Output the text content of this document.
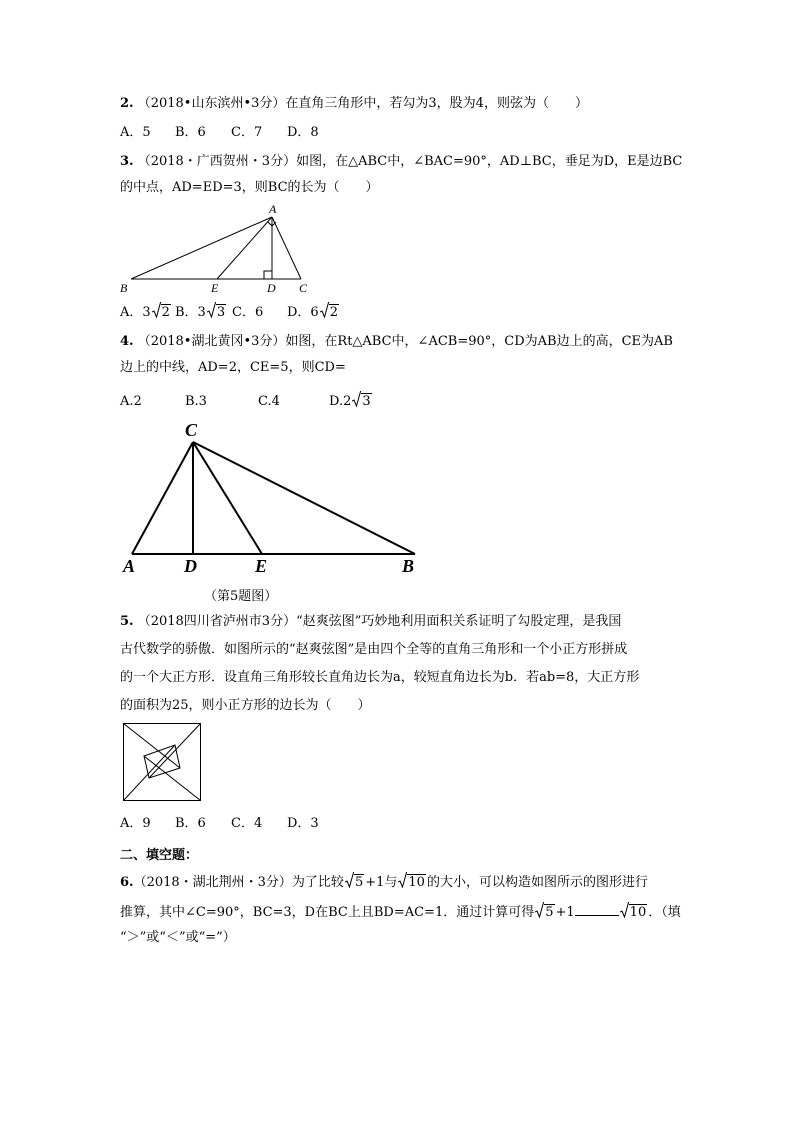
2. （2018•山东滨州•3分）在直角三角形中，若勾为3，股为4，则弦为（　　）
A．5 B．6 C．7 D．8
3. （2018・广西贺州・3分）如图，在△ABC中，∠BAC=90°，AD⊥BC，垂足为D，E是边BC
的中点，AD=ED=3，则BC的长为（　　）
A
B	E	D C
A．3 2 B．3 3 C．6 D．6 2
4. （2018•湖北黄冈•3分）如图，在Rt△ABC中，∠ACB=90°，CD为AB边上的高，CE为AB
边上的中线，AD=2，CE=5，则CD=
A.2	B.3	C.4	D.2 3
C
A	D	E	B
（第5题图）
5. （2018四川省泸州市3分）“赵爽弦图”巧妙地利用面积关系证明了勾股定理，是我国
古代数学的骄傲．如图所示的“赵爽弦图”是由四个全等的直角三角形和一个小正方形拼成
的一个大正方形．设直角三角形较长直角边长为a，较短直角边长为b．若ab=8，大正方形
的面积为25，则小正方形的边长为（　　）
A．9 B．6 C．4 D．3
二、填空题：
6.（2018・湖北荆州・3分）为了比较 5 +1与 10 的大小，可以构造如图所示的图形进行
推算，其中∠C=90°，BC=3，D在BC上且BD=AC=1．通过计算可得 5 +1	10 ．（填
“＞”或“＜”或“=”）
